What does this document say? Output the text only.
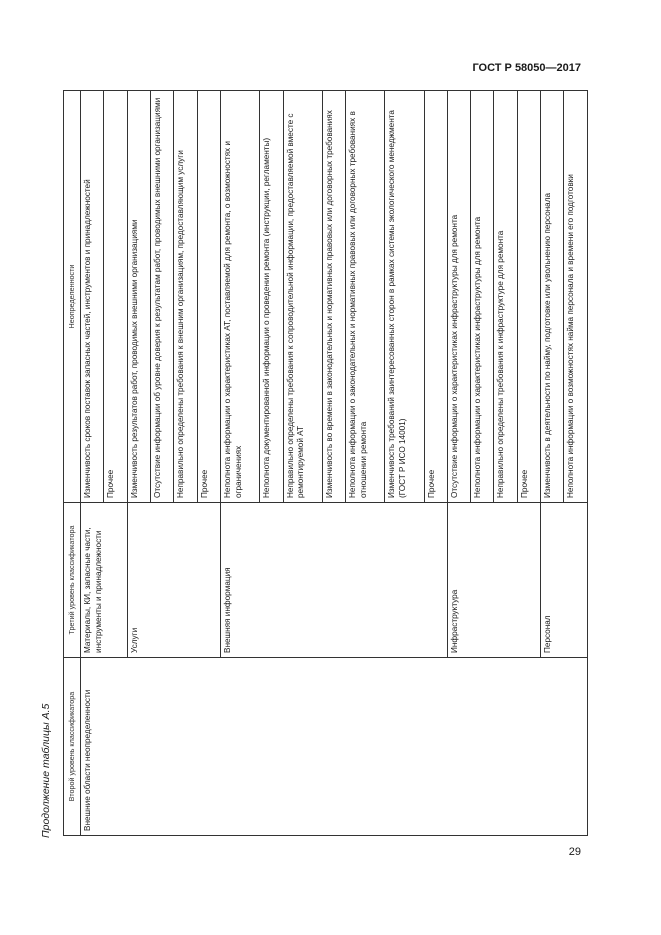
ГОСТ Р 58050—2017
Продолжение таблицы А.5 Второй уровень классификатора	Третий уровень классификатора	Неопределенности
Внешние области неопределенности	Материалы, КИ, запасные части, инструменты и принадлежности	Изменчивость сроков поставок запасных частей, инструментов и принадлежностей
		Прочее
	Услуги	Изменчивость результатов работ, проводимых внешними организациями
		Отсутствие информации об уровне доверия к результатам работ, проводимых внешними организациями
		Неправильно определены требования к внешним организациям, предоставляющим услуги
		Прочее
	Внешняя информация	Неполнота информации о характеристиках АТ, поставляемой для ремонта, о возможностях и ограничениях
		Неполнота документированной информации о проведении ремонта (инструкции, регламенты)
		Неправильно определены требования к сопроводительной информации, предоставляемой вместе с ремонтируемой АТ
		Изменчивость во времени в законодательных и нормативных правовых или договорных требованиях
		Неполнота информации о законодательных и нормативных правовых или договорных требованиях в отношении ремонта
		Изменчивость требований заинтересованных сторон в рамках системы экологического менеджмента (ГОСТ Р ИСО 14001)
		Прочее
	Инфраструктура	Отсутствие информации о характеристиках инфраструктуры для ремонта
		Неполнота информации о характеристиках инфраструктуры для ремонта
		Неправильно определены требования к инфраструктуре для ремонта
		Прочее
	Персонал	Изменчивость в деятельности по найму, подготовке или увольнению персонала
		Неполнота информации о возможностях найма персонала и времени его подготовки
29
